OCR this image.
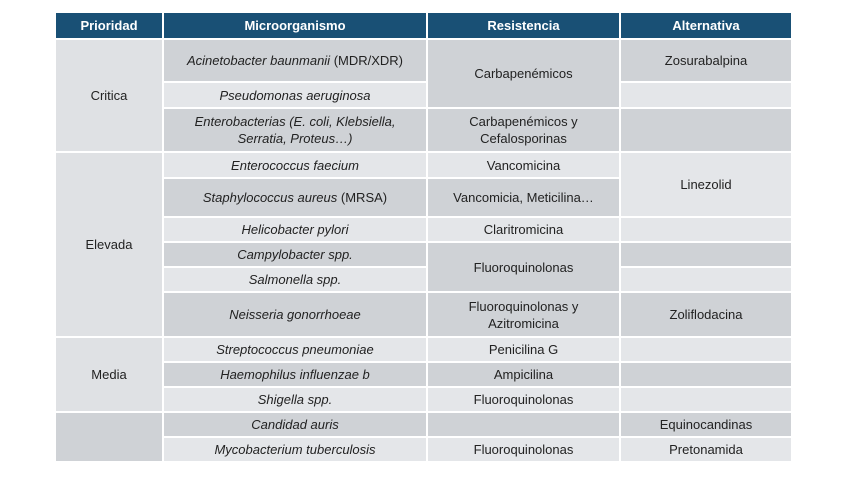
Prioridad	Microorganismo	Resistencia	Alternativa
Critica	Acinetobacter baunmanii (MDR/XDR)	Carbapenémicos	Zosurabalpina
	Pseudomonas aeruginosa		
	Enterobacterias (E. coli, Klebsiella, Serratia, Proteus…)	Carbapenémicos y Cefalosporinas	
Elevada	Enterococcus faecium	Vancomicina	Linezolid
	Staphylococcus aureus (MRSA)	Vancomicia, Meticilina…	
	Helicobacter pylori	Claritromicina	
	Campylobacter spp.	Fluoroquinolonas	
	Salmonella spp.		
	Neisseria gonorrhoeae	Fluoroquinolonas y Azitromicina	Zoliflodacina
Media	Streptococcus pneumoniae	Penicilina G	
	Haemophilus influenzae b	Ampicilina	
	Shigella spp.	Fluoroquinolonas	
	Candidad auris		Equinocandinas
	Mycobacterium tuberculosis	Fluoroquinolonas	Pretonamida
